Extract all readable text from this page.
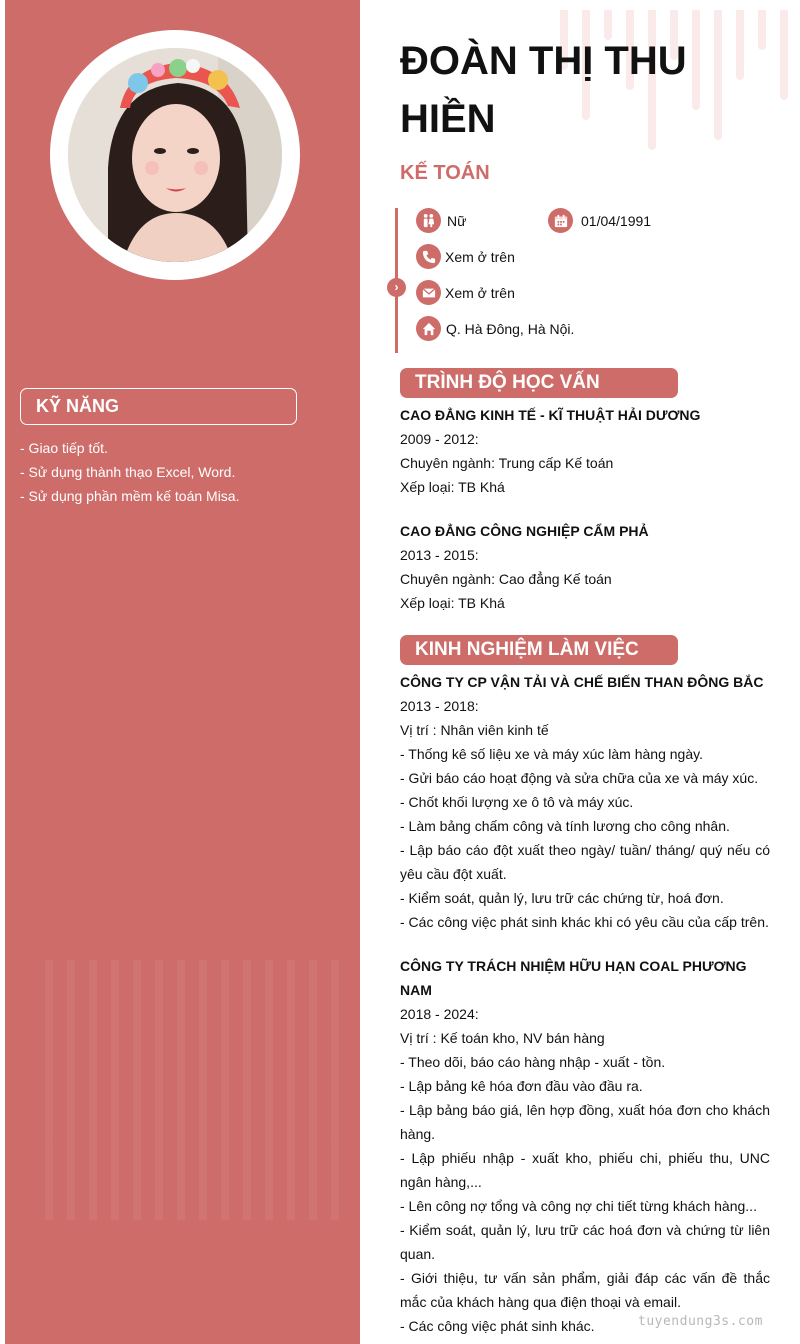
KỸ NĂNG
- Giao tiếp tốt.
- Sử dụng thành thạo Excel, Word.
- Sử dụng phần mềm kế toán Misa.
ĐOÀN THỊ THU HIỀN
KẾ TOÁN
›
Nữ	01/04/1991
Xem ở trên
Xem ở trên
Q. Hà Đông, Hà Nội.
TRÌNH ĐỘ HỌC VẤN
CAO ĐẲNG KINH TẾ - KĨ THUẬT HẢI DƯƠNG
2009 - 2012:
Chuyên ngành: Trung cấp Kế toán
Xếp loại: TB Khá
CAO ĐẲNG CÔNG NGHIỆP CẨM PHẢ
2013 - 2015:
Chuyên ngành: Cao đẳng Kế toán
Xếp loại: TB Khá
KINH NGHIỆM LÀM VIỆC
CÔNG TY CP VẬN TẢI VÀ CHẾ BIẾN THAN ĐÔNG BẮC
2013 - 2018:
Vị trí : Nhân viên kinh tế
- Thống kê số liệu xe và máy xúc làm hàng ngày.
- Gửi báo cáo hoạt động và sửa chữa của xe và máy xúc.
- Chốt khối lượng xe ô tô và máy xúc.
- Làm bảng chấm công và tính lương cho công nhân.
- Lập báo cáo đột xuất theo ngày/ tuần/ tháng/ quý nếu có yêu cầu đột xuất.
- Kiểm soát, quản lý, lưu trữ các chứng từ, hoá đơn.
- Các công việc phát sinh khác khi có yêu cầu của cấp trên.
CÔNG TY TRÁCH NHIỆM HỮU HẠN COAL PHƯƠNG NAM
2018 - 2024:
Vị trí : Kế toán kho, NV bán hàng
- Theo dõi, báo cáo hàng nhập - xuất - tồn.
- Lập bảng kê hóa đơn đầu vào đầu ra.
- Lập bảng báo giá, lên hợp đồng, xuất hóa đơn cho khách hàng.
- Lập phiếu nhập - xuất kho, phiếu chi, phiếu thu, UNC ngân hàng,...
- Lên công nợ tổng và công nợ chi tiết từng khách hàng...
- Kiểm soát, quản lý, lưu trữ các hoá đơn và chứng từ liên quan.
- Giới thiệu, tư vấn sản phẩm, giải đáp các vấn đề thắc mắc của khách hàng qua điện thoại và email.
- Các công việc phát sinh khác.	tuyendung3s.com
